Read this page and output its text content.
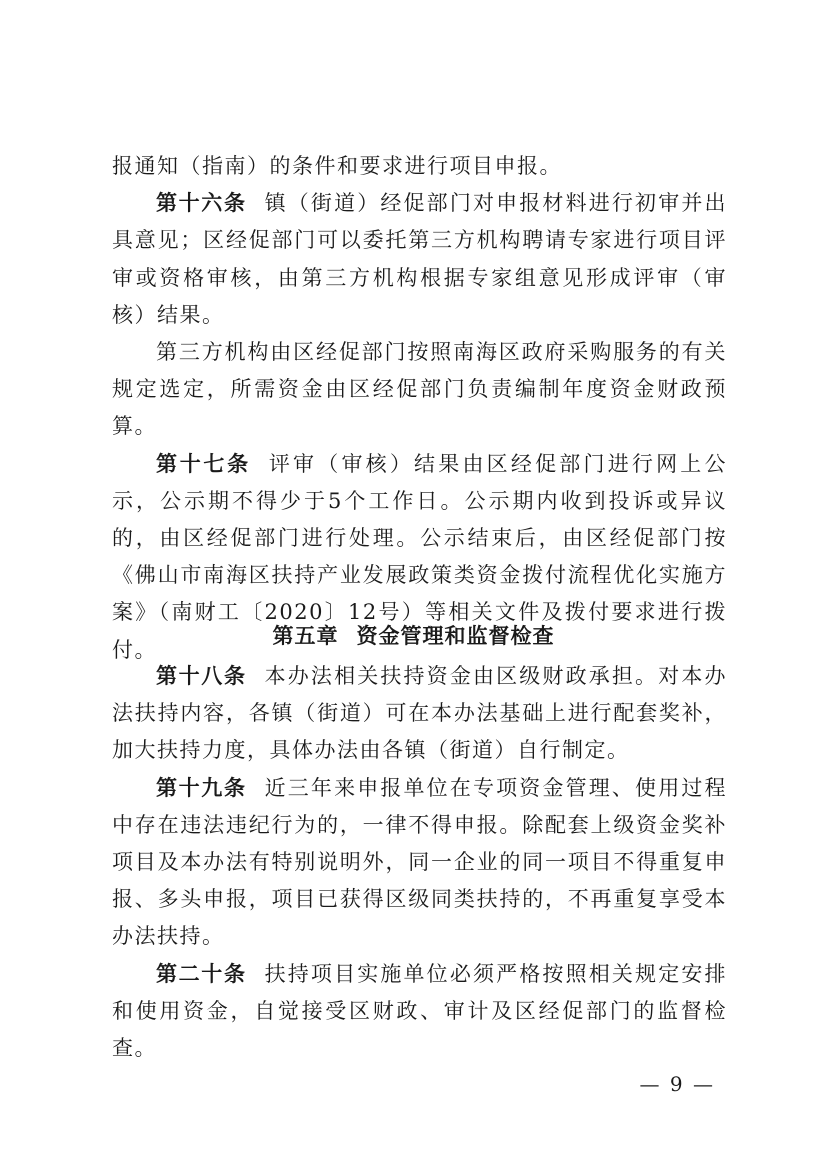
报通知（指南）的条件和要求进行项目申报。

第十六条 镇（街道）经促部门对申报材料进行初审并出具意见；区经促部门可以委托第三方机构聘请专家进行项目评审或资格审核，由第三方机构根据专家组意见形成评审（审核）结果。

第三方机构由区经促部门按照南海区政府采购服务的有关规定选定，所需资金由区经促部门负责编制年度资金财政预算。

第十七条 评审（审核）结果由区经促部门进行网上公示，公示期不得少于5个工作日。公示期内收到投诉或异议的，由区经促部门进行处理。公示结束后，由区经促部门按《佛山市南海区扶持产业发展政策类资金拨付流程优化实施方案》（南财工〔2020〕12号）等相关文件及拨付要求进行拨付。

第五章 资金管理和监督检查

第十八条 本办法相关扶持资金由区级财政承担。对本办法扶持内容，各镇（街道）可在本办法基础上进行配套奖补，加大扶持力度，具体办法由各镇（街道）自行制定。

第十九条 近三年来申报单位在专项资金管理、使用过程中存在违法违纪行为的，一律不得申报。除配套上级资金奖补项目及本办法有特别说明外，同一企业的同一项目不得重复申报、多头申报，项目已获得区级同类扶持的，不再重复享受本办法扶持。

第二十条 扶持项目实施单位必须严格按照相关规定安排和使用资金，自觉接受区财政、审计及区经促部门的监督检查。

— 9 —
